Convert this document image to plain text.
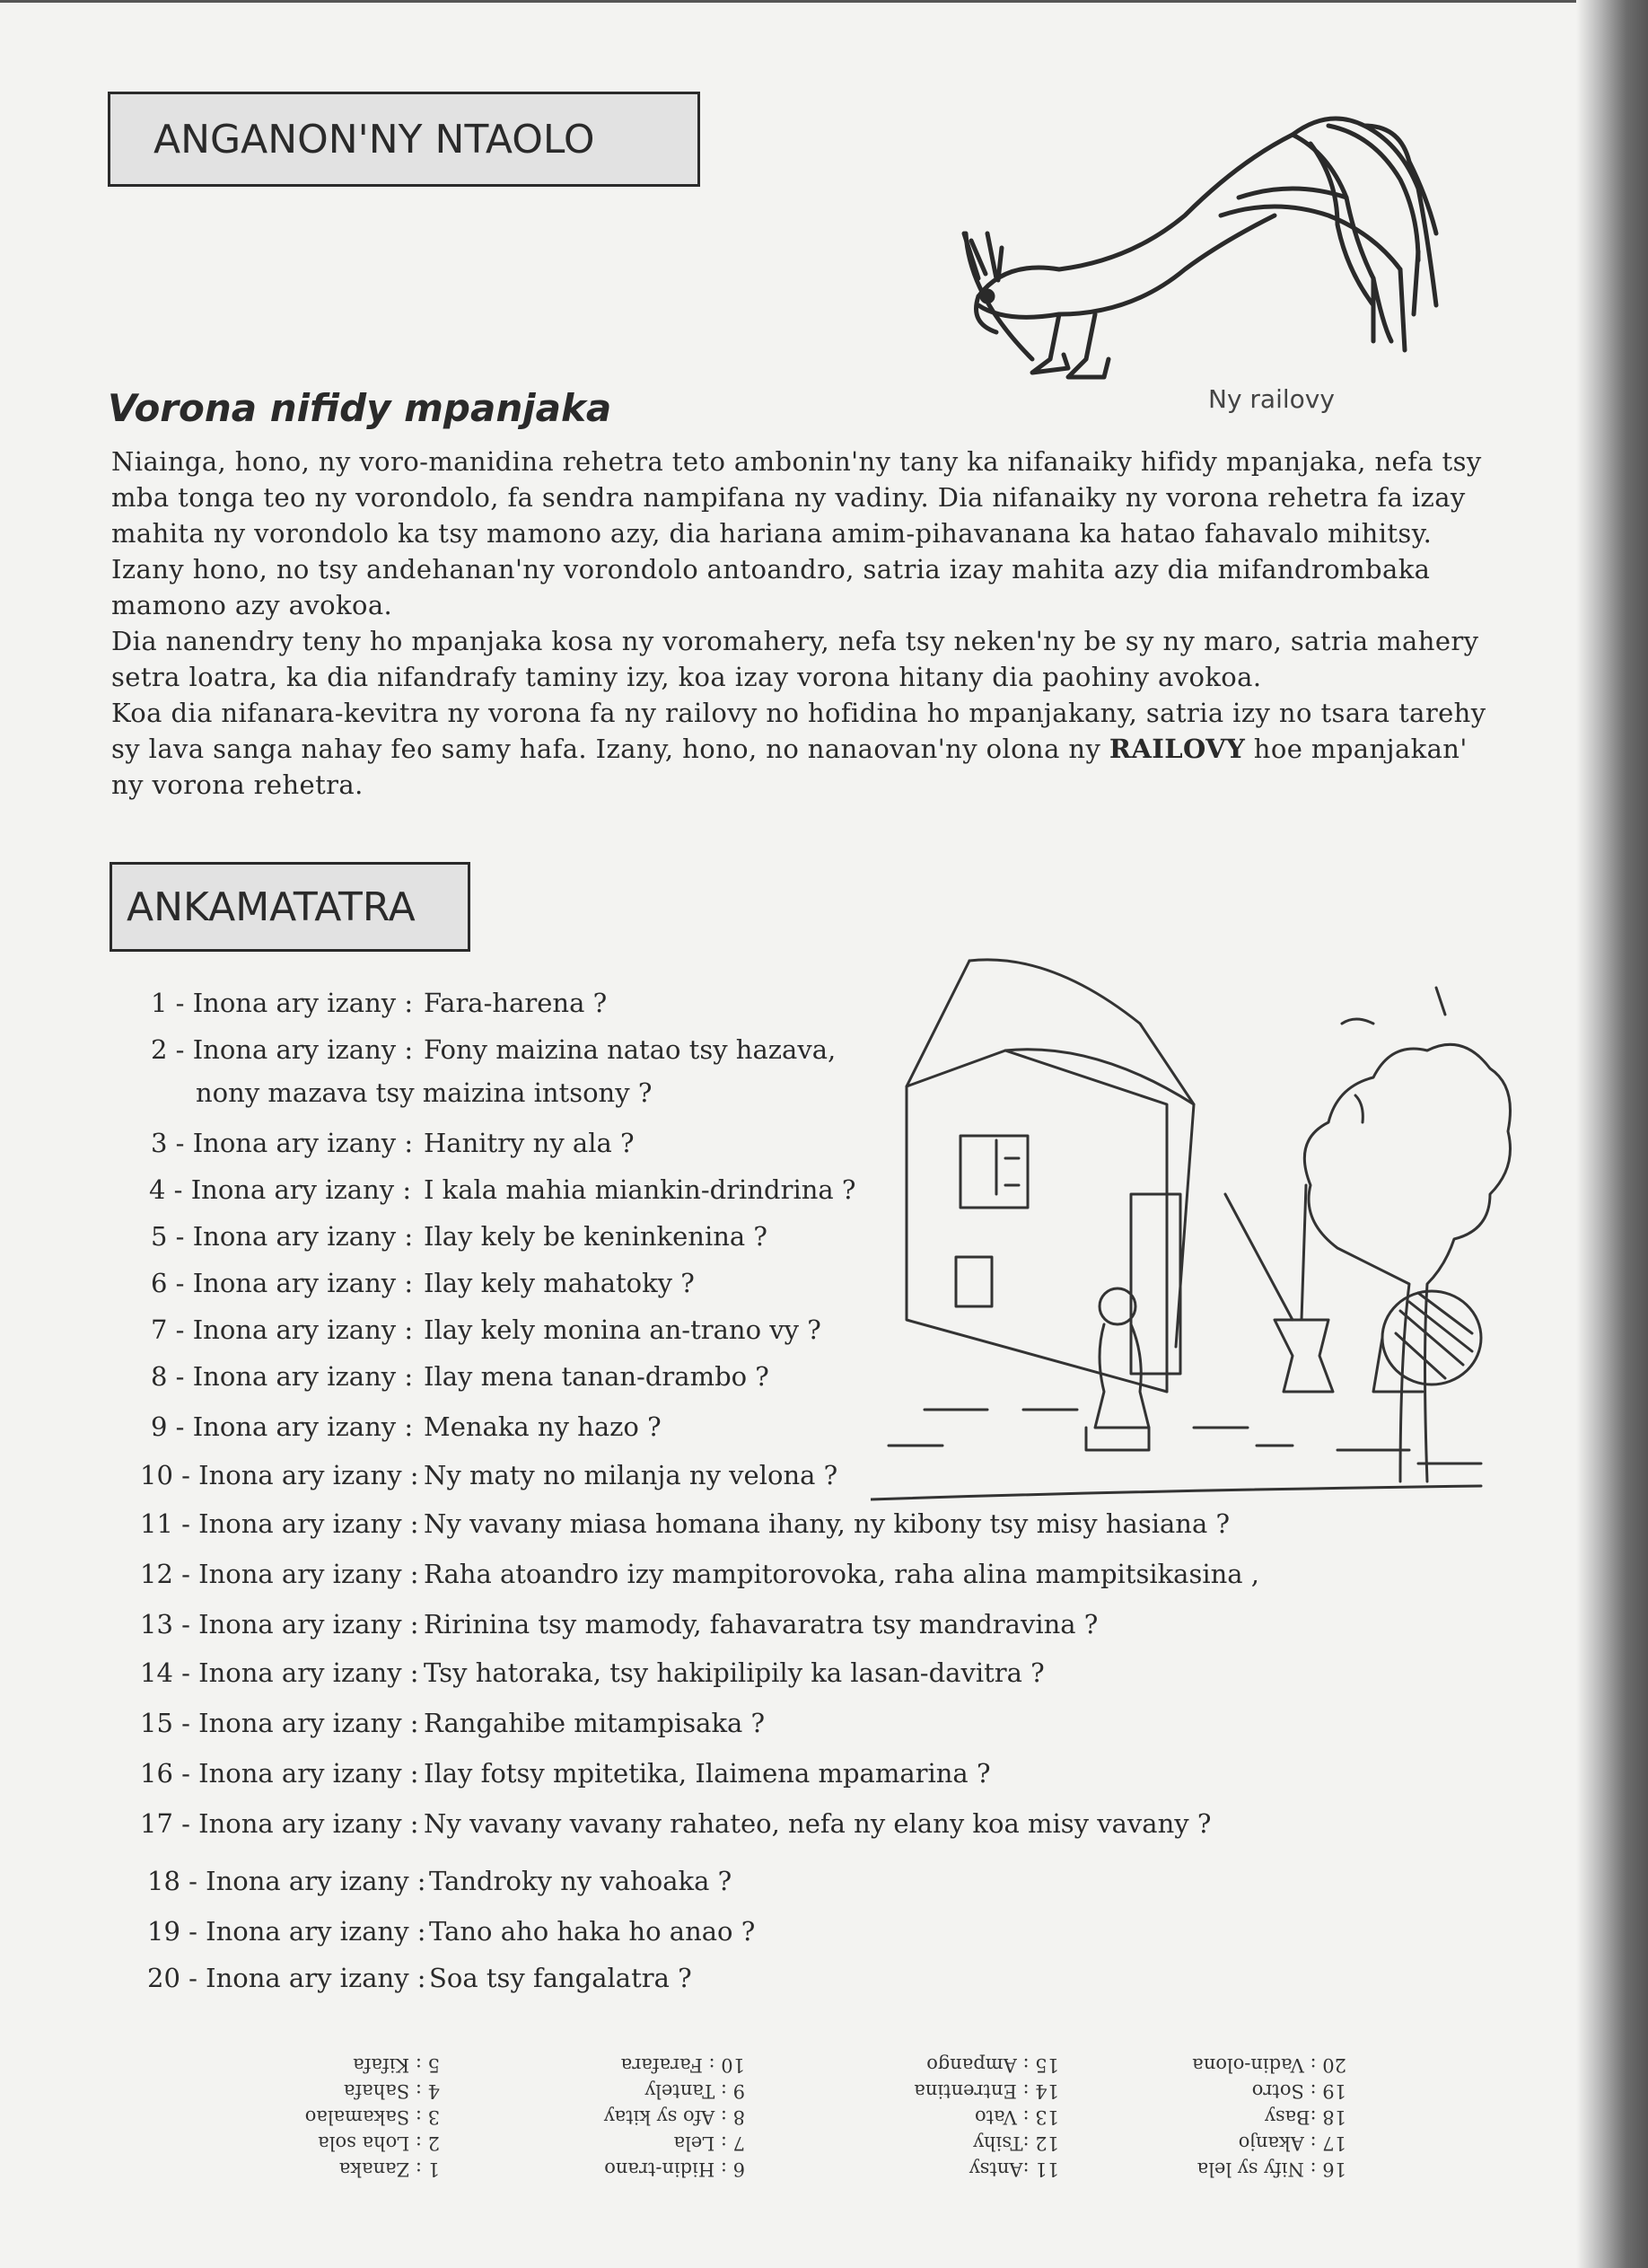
ANGANON'NY NTAOLO
Ny railovy
Vorona nifidy mpanjaka

Niainga, hono, ny voro-manidina rehetra teto ambonin'ny tany ka nifanaiky hifidy mpanjaka, nefa tsy

mba tonga teo ny vorondolo, fa sendra nampifana ny vadiny. Dia nifanaiky ny vorona rehetra fa izay

mahita ny vorondolo ka tsy mamono azy, dia hariana amim-pihavanana ka hatao fahavalo mihitsy.

Izany hono, no tsy andehanan'ny vorondolo antoandro, satria izay mahita azy dia mifandrombaka

mamono azy avokoa.

Dia nanendry teny ho mpanjaka kosa ny voromahery, nefa tsy neken'ny be sy ny maro, satria mahery

setra loatra, ka dia nifandrafy taminy izy, koa izay vorona hitany dia paohiny avokoa.

Koa dia nifanara-kevitra ny vorona fa ny railovy no hofidina ho mpanjakany, satria izy no tsara tarehy

sy lava sanga nahay feo samy hafa. Izany, hono, no nanaovan'ny olona ny RAILOVY hoe mpanjakan'

ny vorona rehetra.

ANKAMATATRA
1 - Inona ary izany : Fara-harena ?
2 - Inona ary izany : Fony maizina natao tsy hazava,
nony mazava tsy maizina intsony ?
3 - Inona ary izany : Hanitry ny ala ?
4 - Inona ary izany : I kala mahia miankin-drindrina ?
5 - Inona ary izany : Ilay kely be keninkenina ?
6 - Inona ary izany : Ilay kely mahatoky ?
7 - Inona ary izany : Ilay kely monina an-trano vy ?
8 - Inona ary izany : Ilay mena tanan-drambo ?
9 - Inona ary izany : Menaka ny hazo ?
10 - Inona ary izany : Ny maty no milanja ny velona ?
11 - Inona ary izany : Ny vavany miasa homana ihany, ny kibony tsy misy hasiana ?
12 - Inona ary izany : Raha atoandro izy mampitorovoka, raha alina mampitsikasina ,
13 - Inona ary izany : Ririnina tsy mamody, fahavaratra tsy mandravina ?
14 - Inona ary izany : Tsy hatoraka, tsy hakipilipily ka lasan-davitra ?
15 - Inona ary izany : Rangahibe mitampisaka ?
16 - Inona ary izany : Ilay fotsy mpitetika, Ilaimena mpamarina ?
17 - Inona ary izany : Ny vavany vavany rahateo, nefa ny elany koa misy vavany ?
18 - Inona ary izany : Tandroky ny vahoaka ?
19 - Inona ary izany : Tano aho haka ho anao ?
20 - Inona ary izany : Soa tsy fangalatra ?
1 : Zanaka
2 : Loha sola
3 : Sakamalao
4 : Sahafa
5 : Kifafa
6 : Hidin-trano
7 : Lela
8 : Afo sy kitay
9 : Tantely
10 : Farafara
11 :Antsy
12 :Tsihy
13 : Vato
14 : Entrentina
15 : Ampango
16 : Nify sy lela
17 : Akanjo
18 :Basy
19 : Sotro
20 : Vadin-olona
